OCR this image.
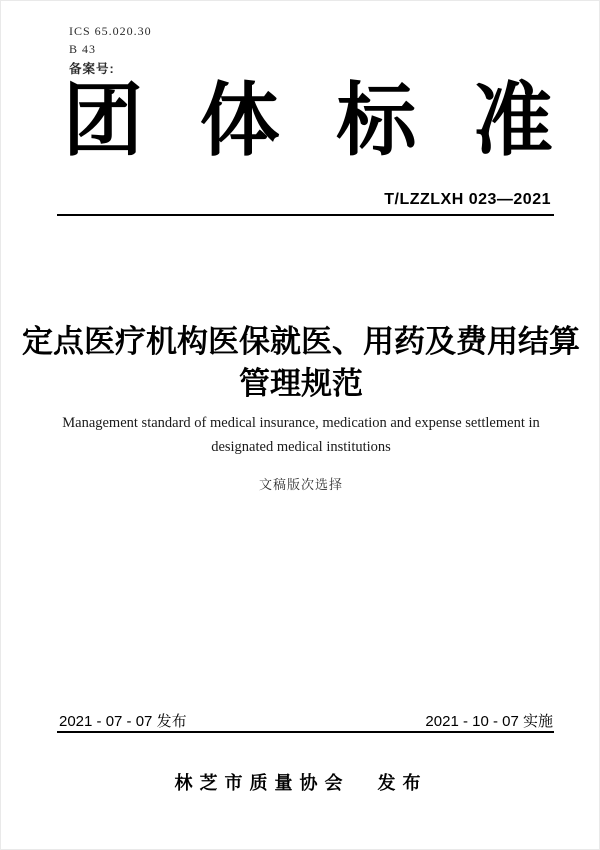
ICS 65.020.30
B 43
备案号:
团 体 标 准
T/LZZLXH 023—2021
定点医疗机构医保就医、用药及费用结算
管理规范
Management standard of medical insurance, medication and expense settlement in designated medical institutions
文稿版次选择
2021 - 07 - 07 发布	2021 - 10 - 07 实施
林芝市质量协会 发布
